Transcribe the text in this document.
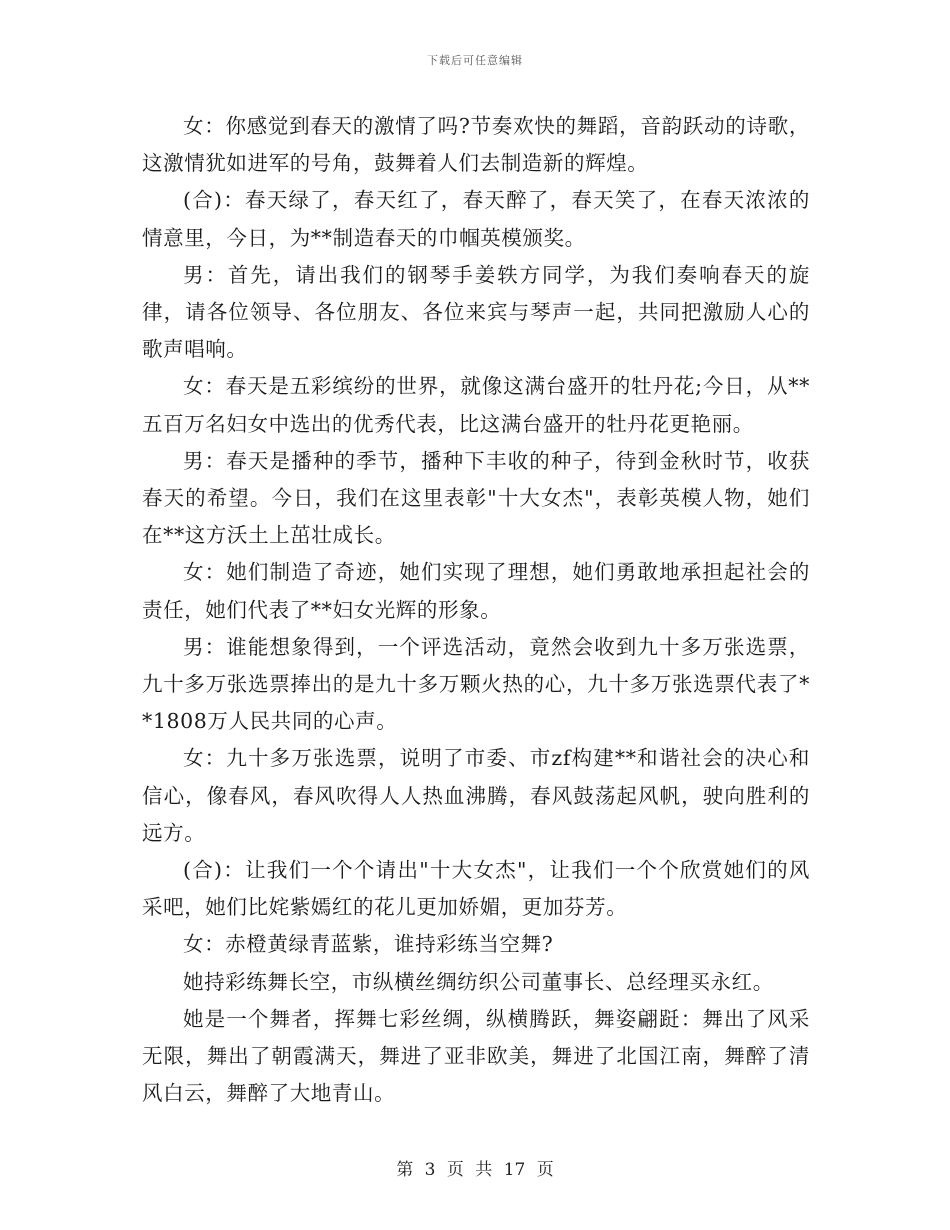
下载后可任意编辑

女：你感觉到春天的激情了吗?节奏欢快的舞蹈，音韵跃动的诗歌，这激情犹如进军的号角，鼓舞着人们去制造新的辉煌。

(合)：春天绿了，春天红了，春天醉了，春天笑了，在春天浓浓的情意里，今日，为**制造春天的巾帼英模颁奖。

男：首先，请出我们的钢琴手姜轶方同学，为我们奏响春天的旋律，请各位领导、各位朋友、各位来宾与琴声一起，共同把激励人心的歌声唱响。

女：春天是五彩缤纷的世界，就像这满台盛开的牡丹花;今日，从**五百万名妇女中选出的优秀代表，比这满台盛开的牡丹花更艳丽。

男：春天是播种的季节，播种下丰收的种子，待到金秋时节，收获春天的希望。今日，我们在这里表彰"十大女杰"，表彰英模人物，她们在**这方沃土上茁壮成长。

女：她们制造了奇迹，她们实现了理想，她们勇敢地承担起社会的责任，她们代表了**妇女光辉的形象。

男：谁能想象得到，一个评选活动，竟然会收到九十多万张选票，九十多万张选票捧出的是九十多万颗火热的心，九十多万张选票代表了**1808万人民共同的心声。

女：九十多万张选票，说明了市委、市zf构建**和谐社会的决心和信心，像春风，春风吹得人人热血沸腾，春风鼓荡起风帆，驶向胜利的远方。

(合)：让我们一个个请出"十大女杰"，让我们一个个欣赏她们的风采吧，她们比姹紫嫣红的花儿更加娇媚，更加芬芳。

女：赤橙黄绿青蓝紫，谁持彩练当空舞?

她持彩练舞长空，市纵横丝绸纺织公司董事长、总经理买永红。

她是一个舞者，挥舞七彩丝绸，纵横腾跃，舞姿翩跹：舞出了风采无限，舞出了朝霞满天，舞进了亚非欧美，舞进了北国江南，舞醉了清风白云，舞醉了大地青山。

第 3 页 共 17 页
